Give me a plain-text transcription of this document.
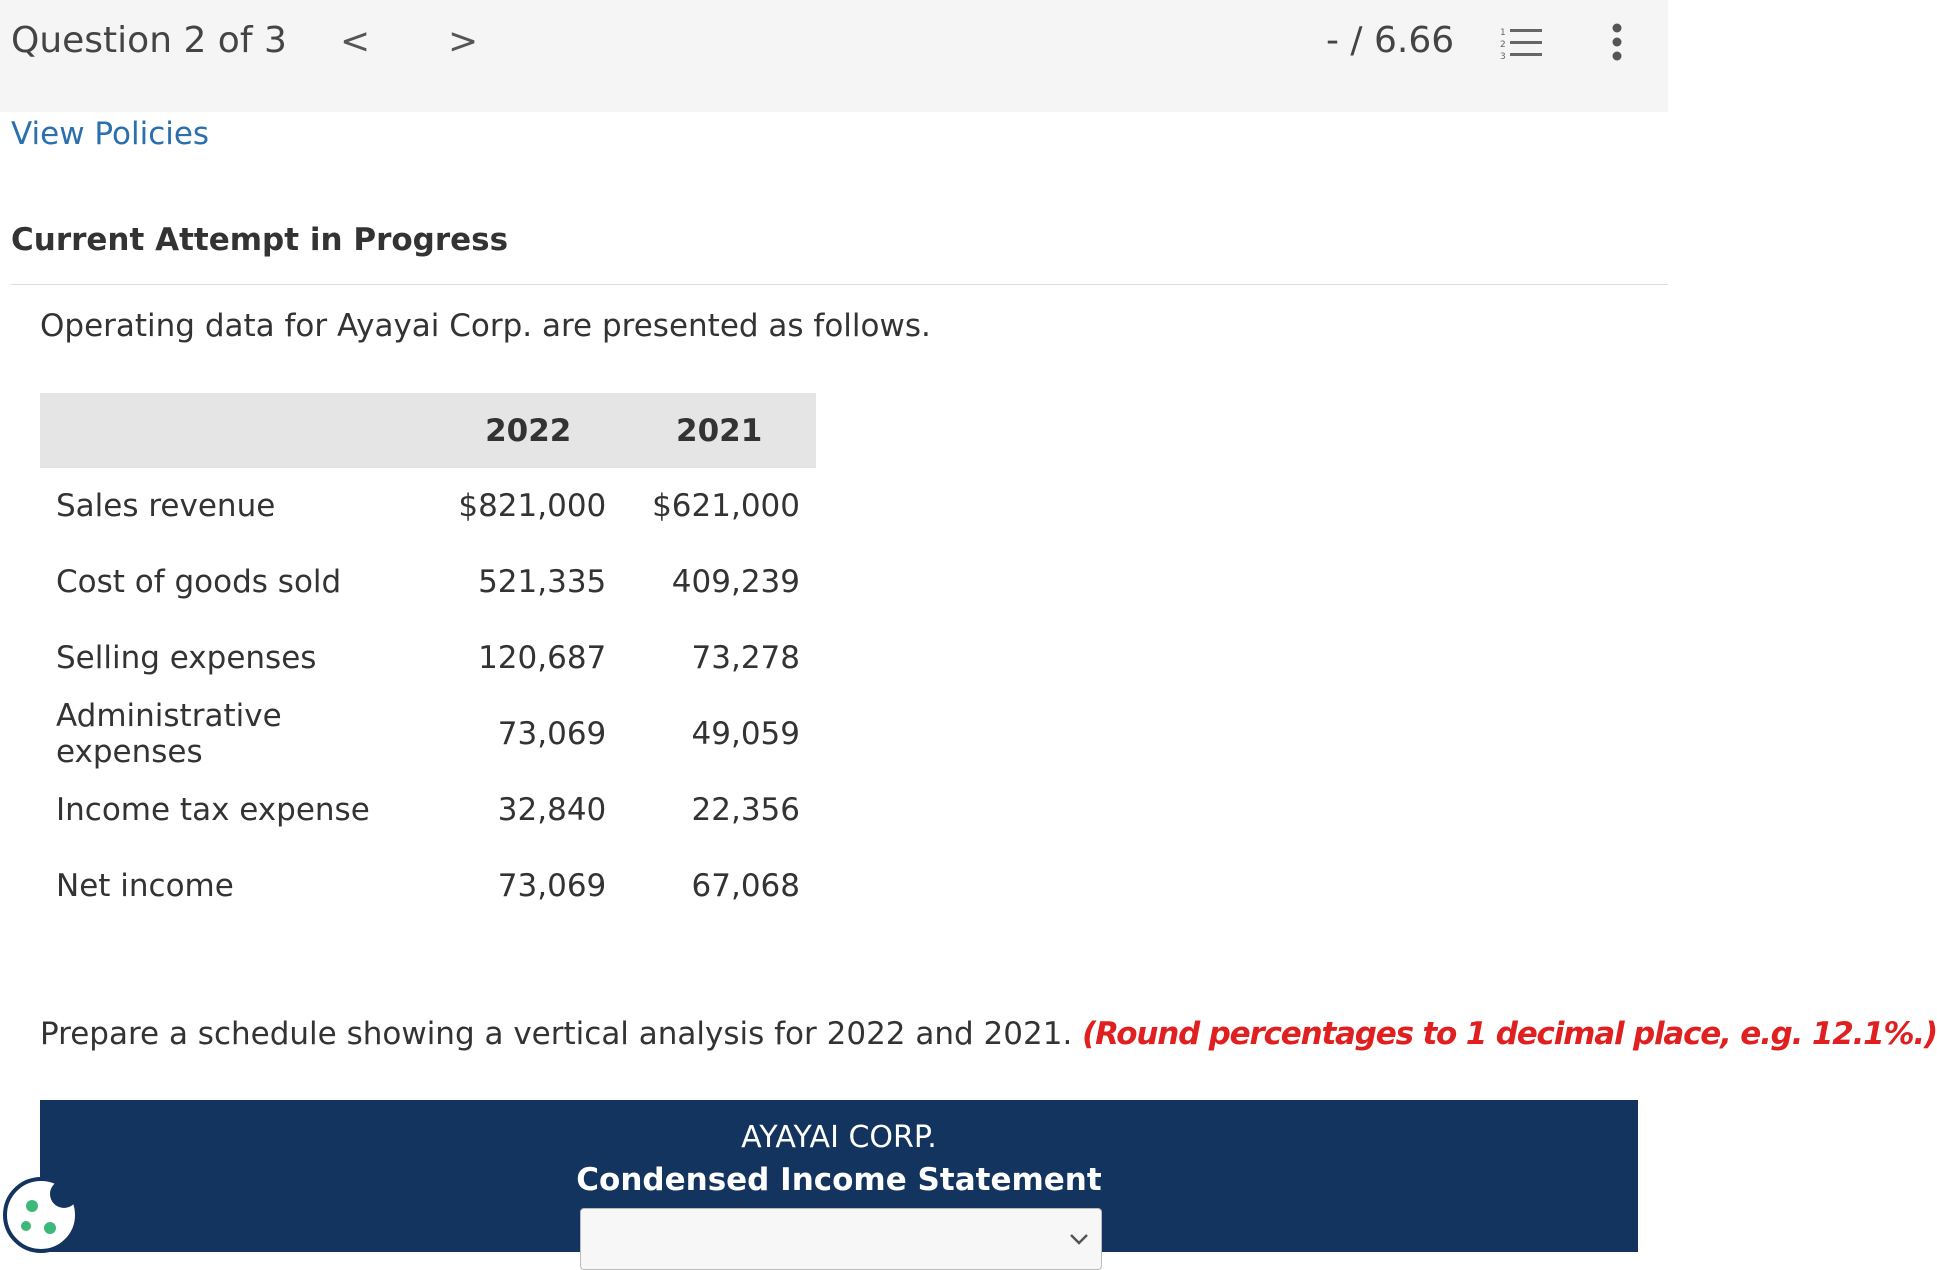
Question 2 of 3 < >	- / 6.66	1
2
3
View Policies
Current Attempt in Progress
Operating data for Ayayai Corp. are presented as follows.
	2022	2021
Sales revenue	$821,000	$621,000
Cost of goods sold	521,335	409,239
Selling expenses	120,687	73,278
Administrative expenses	73,069	49,059
Income tax expense	32,840	22,356
Net income	73,069	67,068
Prepare a schedule showing a vertical analysis for 2022 and 2021. (Round percentages to 1 decimal place, e.g. 12.1%.)
AYAYAI CORP.
Condensed Income Statement
